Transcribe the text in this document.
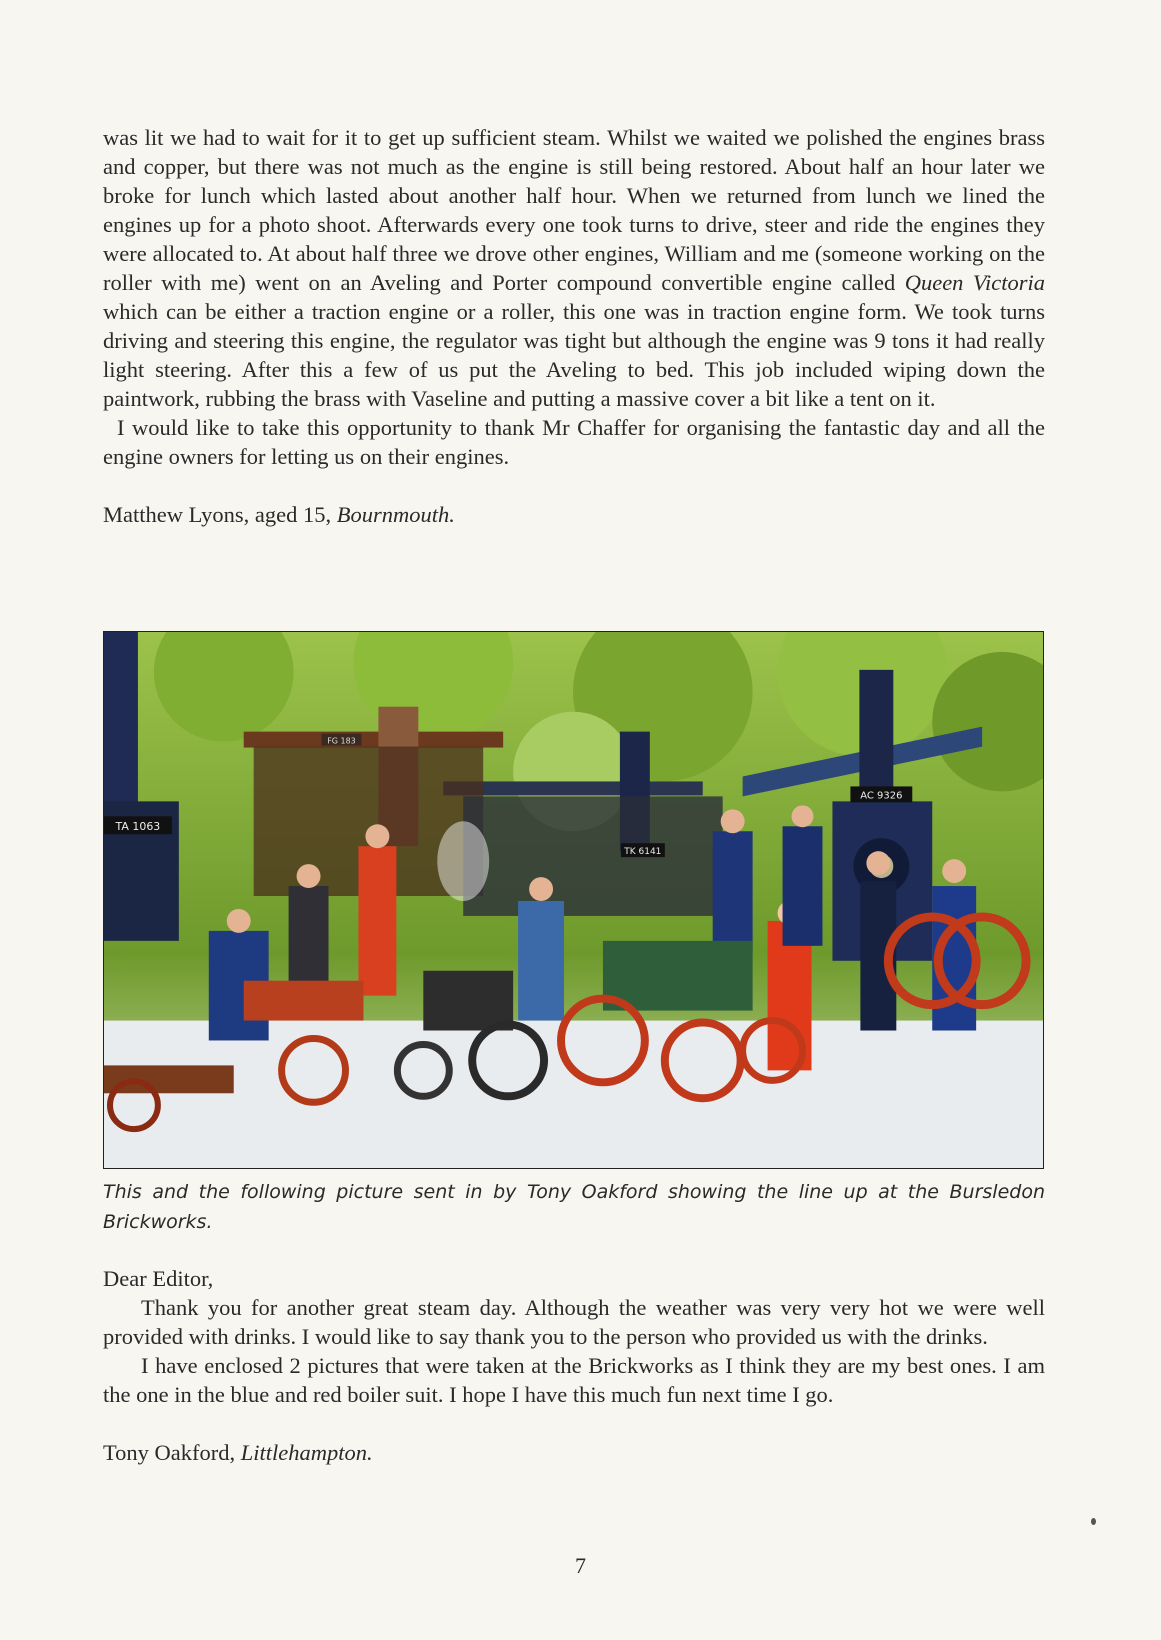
was lit we had to wait for it to get up sufficient steam. Whilst we waited we polished the engines brass and copper, but there was not much as the engine is still being restored. About half an hour later we broke for lunch which lasted about another half hour. When we returned from lunch we lined the engines up for a photo shoot. Afterwards every one took turns to drive, steer and ride the engines they were allocated to. At about half three we drove other engines, William and me (someone working on the roller with me) went on an Aveling and Porter compound convertible engine called Queen Victoria which can be either a traction engine or a roller, this one was in traction engine form. We took turns driving and steering this engine, the regulator was tight but although the engine was 9 tons it had really light steering. After this a few of us put the Aveling to bed. This job included wiping down the paintwork, rubbing the brass with Vaseline and putting a massive cover a bit like a tent on it.

I would like to take this opportunity to thank Mr Chaffer for organising the fantastic day and all the engine owners for letting us on their engines.

Matthew Lyons, aged 15, Bournmouth.
TA 1063
FG 183
TK 6141
AC 9326
This and the following picture sent in by Tony Oakford showing the line up at the Bursledon Brickworks.
Dear Editor,

Thank you for another great steam day. Although the weather was very very hot we were well provided with drinks. I would like to say thank you to the person who provided us with the drinks.

I have enclosed 2 pictures that were taken at the Brickworks as I think they are my best ones. I am the one in the blue and red boiler suit. I hope I have this much fun next time I go.

Tony Oakford, Littlehampton.
7
